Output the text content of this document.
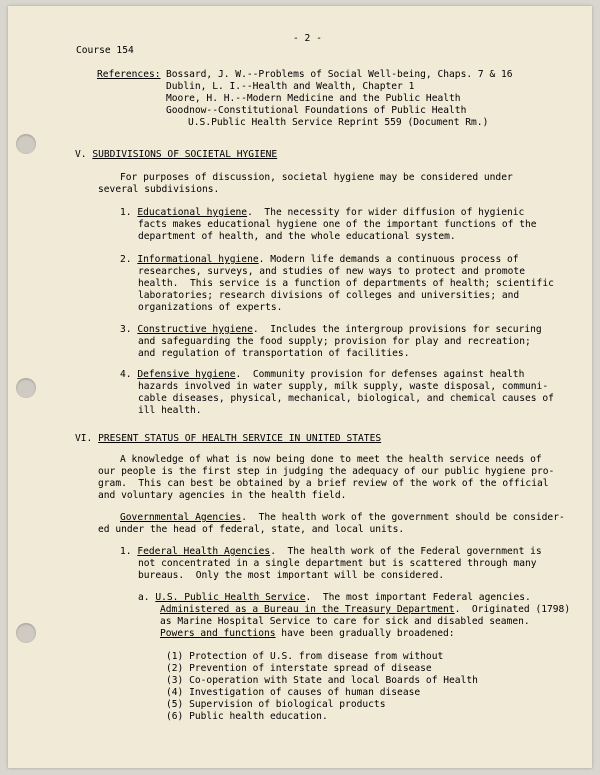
- 2 -
Course 154
References: Bossard, J. W.--Problems of Social Well-being, Chaps. 7 & 16
Dublin, L. I.--Health and Wealth, Chapter 1
Moore, H. H.--Modern Medicine and the Public Health
Goodnow--Constitutional Foundations of Public Health
U.S.Public Health Service Reprint 559 (Document Rm.)
V. SUBDIVISIONS OF SOCIETAL HYGIENE
For purposes of discussion, societal hygiene may be considered under
several subdivisions.
1. Educational hygiene.  The necessity for wider diffusion of hygienic
facts makes educational hygiene one of the important functions of the
department of health, and the whole educational system.
2. Informational hygiene. Modern life demands a continuous process of
researches, surveys, and studies of new ways to protect and promote
health.  This service is a function of departments of health; scientific
laboratories; research divisions of colleges and universities; and
organizations of experts.
3. Constructive hygiene.  Includes the intergroup provisions for securing
and safeguarding the food supply; provision for play and recreation;
and regulation of transportation of facilities.
4. Defensive hygiene.  Community provision for defenses against health
hazards involved in water supply, milk supply, waste disposal, communi-
cable diseases, physical, mechanical, biological, and chemical causes of
ill health.
VI. PRESENT STATUS OF HEALTH SERVICE IN UNITED STATES
A knowledge of what is now being done to meet the health service needs of
our people is the first step in judging the adequacy of our public hygiene pro-
gram.  This can best be obtained by a brief review of the work of the official
and voluntary agencies in the health field.
Governmental Agencies.  The health work of the government should be consider-
ed under the head of federal, state, and local units.
1. Federal Health Agencies.  The health work of the Federal government is
not concentrated in a single department but is scattered through many
bureaus.  Only the most important will be considered.
a. U.S. Public Health Service.  The most important Federal agencies.
Administered as a Bureau in the Treasury Department.  Originated (1798)
as Marine Hospital Service to care for sick and disabled seamen.
Powers and functions have been gradually broadened:
(1) Protection of U.S. from disease from without
(2) Prevention of interstate spread of disease
(3) Co-operation with State and local Boards of Health
(4) Investigation of causes of human disease
(5) Supervision of biological products
(6) Public health education.
